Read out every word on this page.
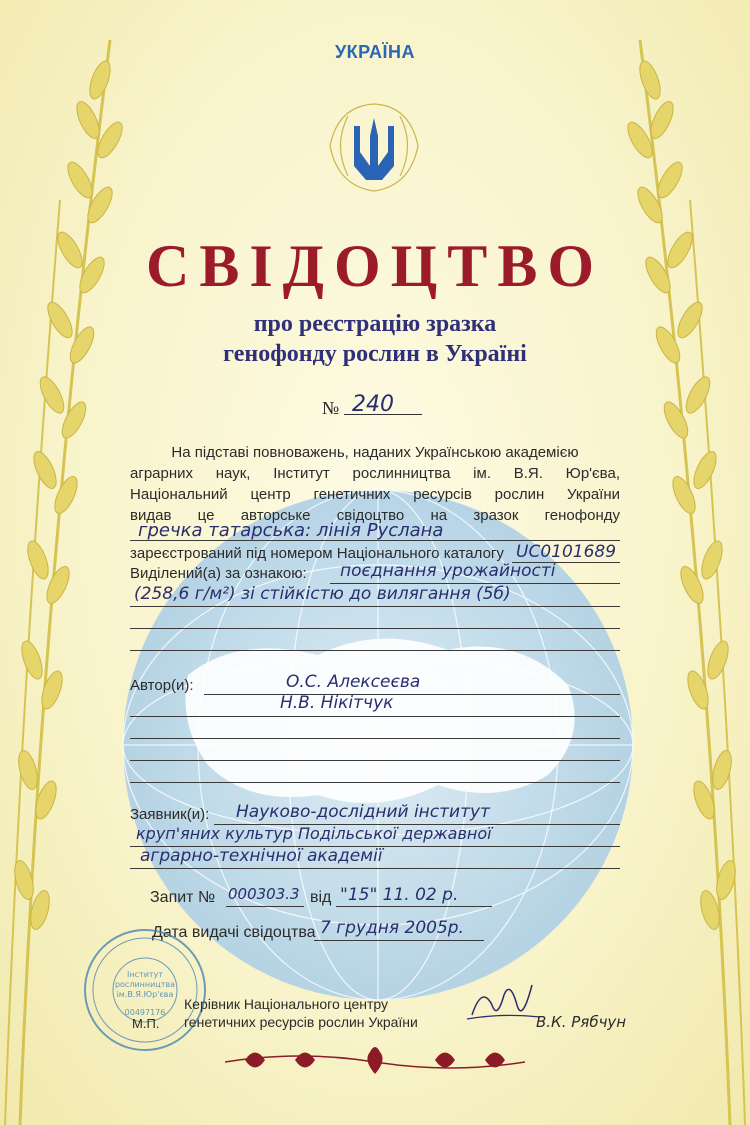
УКРАЇНА
СВІДОЦТВО
про реєстрацію зразка
генофонду рослин в Україні
№ 240
На підставі повноважень, наданих Українською академією
аграрних наук, Інститут рослинництва ім. В.Я. Юр'єва,
Національний центр генетичних ресурсів рослин України
видав це авторське свідоцтво на зразок генофонду
гречка татарська: лінія Руслана
зареєстрований під номером Національного каталогу UC0101689
Виділений(а) за ознакою: поєднання урожайності
(258,6 г/м²) зі стійкістю до вилягання (5б)
Автор(и):	О.С. Алексеєва
Н.В. Нікітчук
Заявник(и): Науково-дослідний інститут
круп'яних культур Подільської державної
аграрно-технічної академії
Запит № 000303.3 від "15" 11. 02 р.
Дата видачі свідоцтва 7 грудня 2005р.
Інститут
рослинництва
ім.В.Я.Юр'єва
00497176
М.П.
Керівник Національного центру
генетичних ресурсів рослин України	В.К. Рябчун
